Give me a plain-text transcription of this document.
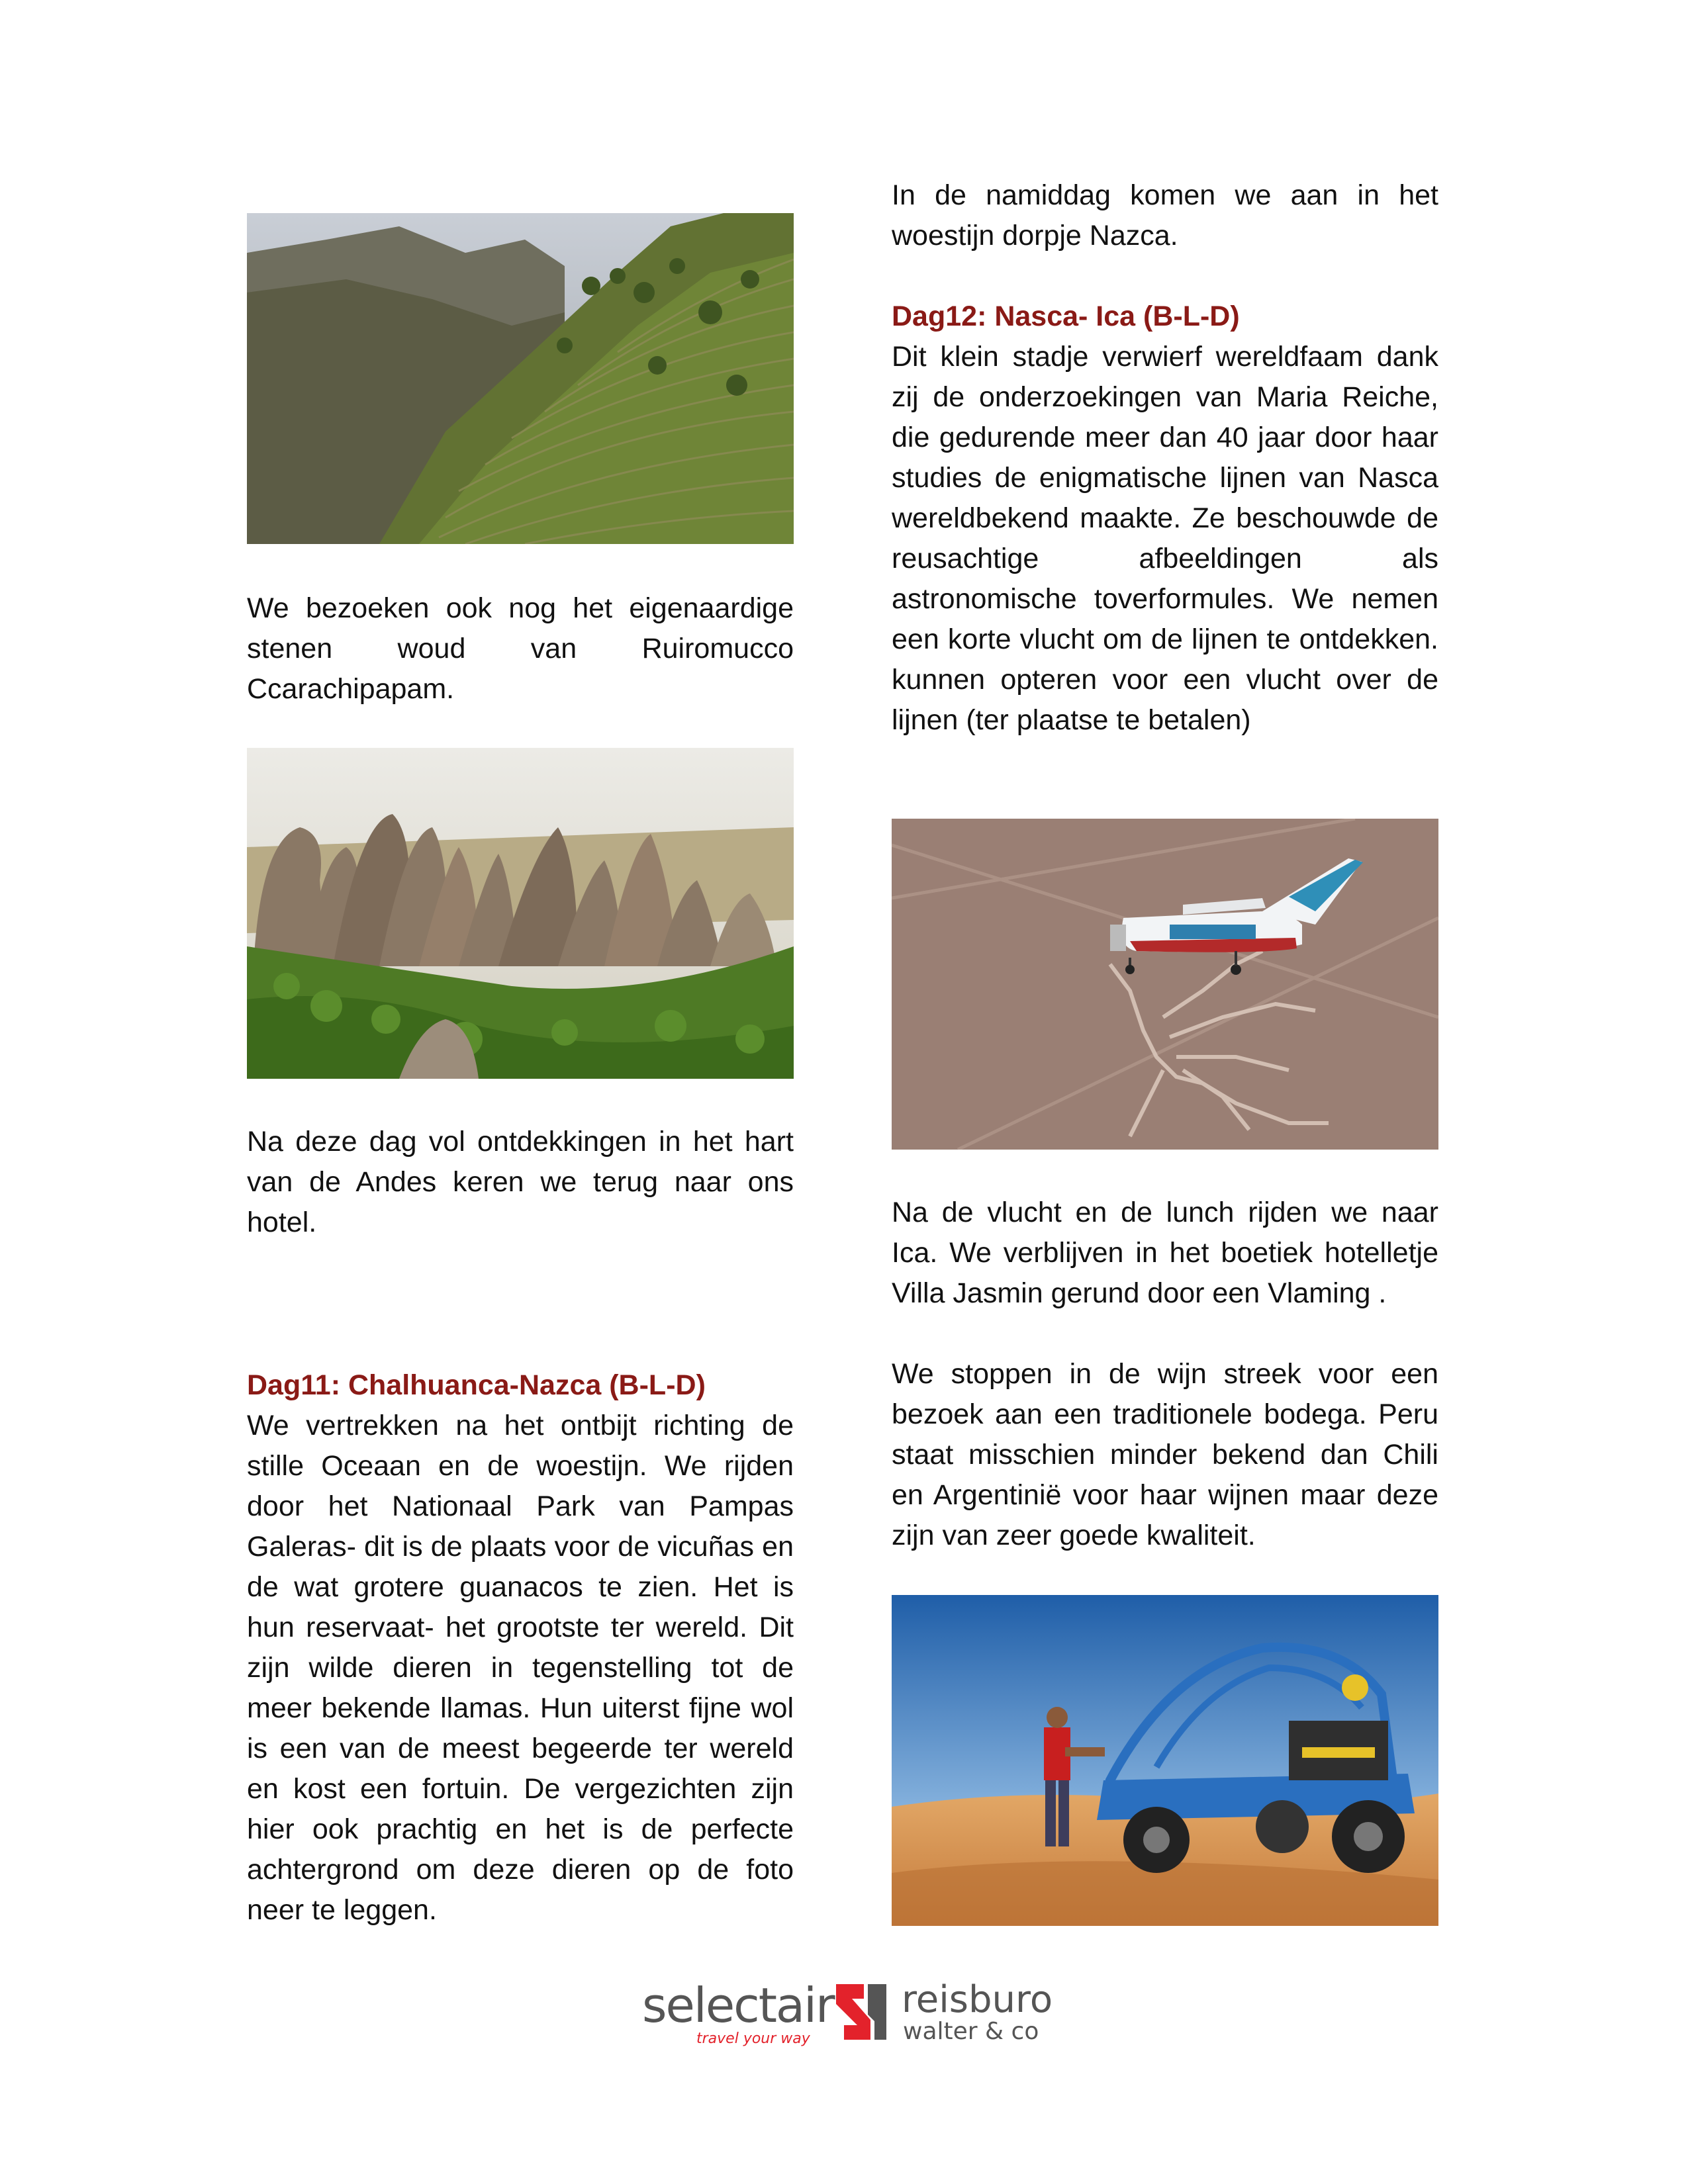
We bezoeken ook nog het eigenaardige stenen woud van Ruiromucco Ccarachipapam.

Na deze dag vol ontdekkingen in het hart van de Andes keren we terug naar ons hotel.

Dag11: Chalhuanca-Nazca (B-L-D)

We vertrekken na het ontbijt richting de stille Oceaan en de woestijn. We rijden door het Nationaal Park van Pampas Galeras- dit is de plaats voor de vicuñas en de wat grotere guanacos te zien. Het is hun reservaat- het grootste ter wereld. Dit zijn wilde dieren in tegenstelling tot de meer bekende llamas. Hun uiterst fijne wol is een van de meest begeerde ter wereld en kost een fortuin. De vergezichten zijn hier ook prachtig en het is de perfecte achtergrond om deze dieren op de foto neer te leggen.

In de namiddag komen we aan in het woestijn dorpje Nazca.

Dag12: Nasca- Ica (B-L-D)

Dit klein stadje verwierf wereldfaam dank zij de onderzoekingen van Maria Reiche, die gedurende meer dan 40 jaar door haar studies de enigmatische lijnen van Nasca wereldbekend maakte. Ze beschouwde de reusachtige afbeeldingen als astronomische toverformules. We nemen een korte vlucht om de lijnen te ontdekken. kunnen opteren voor een vlucht over de lijnen (ter plaatse te betalen)

Na de vlucht en de lunch rijden we naar Ica. We verblijven in het boetiek hotelletje Villa Jasmin gerund door een Vlaming .

We stoppen in de wijn streek voor een bezoek aan een traditionele bodega. Peru staat misschien minder bekend dan Chili en Argentinië voor haar wijnen maar deze zijn van zeer goede kwaliteit.

selectair
travel your way
reisburo
walter & co
